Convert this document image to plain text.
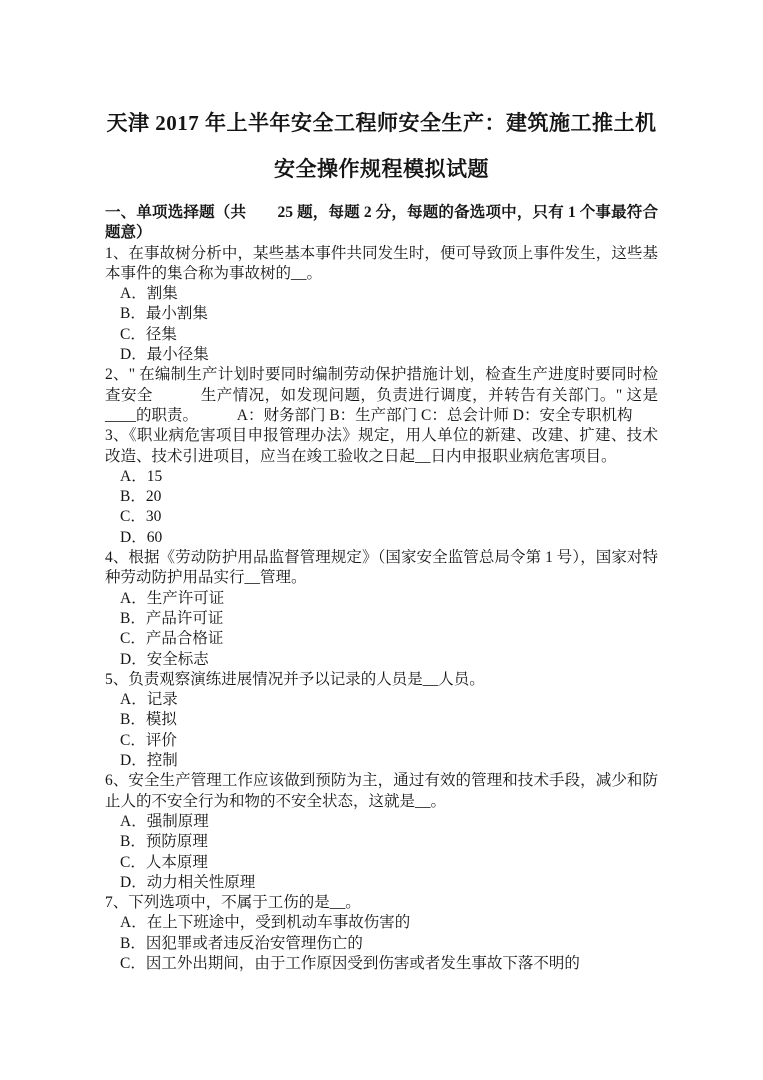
天津 2017 年上半年安全工程师安全生产：建筑施工推土机
安全操作规程模拟试题

一、单项选择题（共　　25 题，每题 2 分，每题的备选项中，只有 1 个事最符合题意）

1、在事故树分析中，某些基本事件共同发生时，便可导致顶上事件发生，这些基本事件的集合称为事故树的__。

A．割集

B．最小割集

C．径集

D．最小径集

2、" 在编制生产计划时要同时编制劳动保护措施计划，检查生产进度时要同时检查安全　　　生产情况，如发现问题，负责进行调度，并转告有关部门。" 这是____的职责。　　　A：财务部门 B：生产部门 C：总会计师 D：安全专职机构

3、《职业病危害项目申报管理办法》规定，用人单位的新建、改建、扩建、技术改造、技术引进项目，应当在竣工验收之日起__日内申报职业病危害项目。

A．15

B．20

C．30

D．60

4、根据《劳动防护用品监督管理规定》（国家安全监管总局令第 1 号），国家对特种劳动防护用品实行__管理。

A．生产许可证

B．产品许可证

C．产品合格证

D．安全标志

5、负责观察演练进展情况并予以记录的人员是__人员。

A．记录

B．模拟

C．评价

D．控制

6、安全生产管理工作应该做到预防为主，通过有效的管理和技术手段，减少和防止人的不安全行为和物的不安全状态，这就是__。

A．强制原理

B．预防原理

C．人本原理

D．动力相关性原理

7、下列选项中，不属于工伤的是__。

A．在上下班途中，受到机动车事故伤害的

B．因犯罪或者违反治安管理伤亡的

C．因工外出期间，由于工作原因受到伤害或者发生事故下落不明的
